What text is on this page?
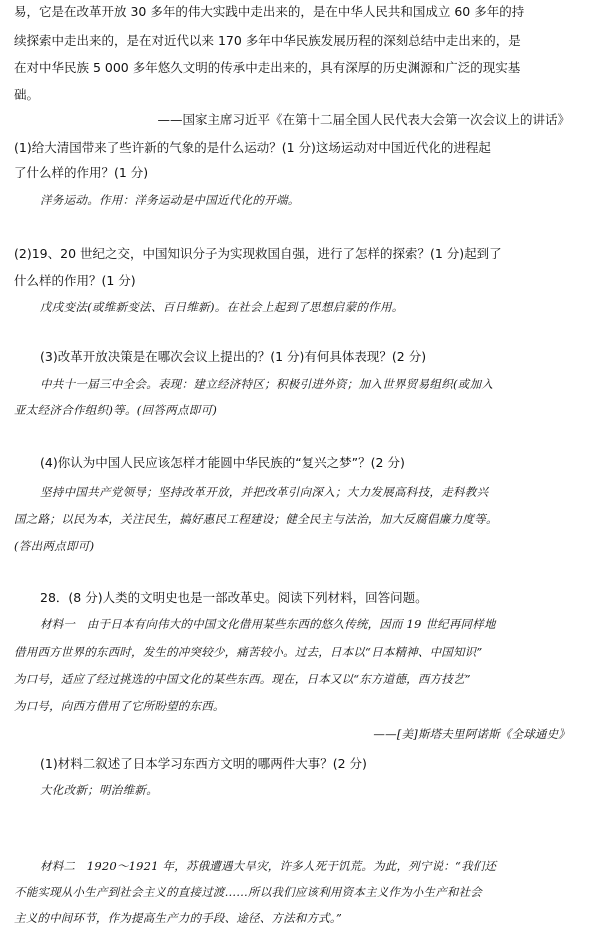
易，它是在改革开放 30 多年的伟大实践中走出来的，是在中华人民共和国成立 60 多年的持
续探索中走出来的，是在对近代以来 170 多年中华民族发展历程的深刻总结中走出来的，是
在对中华民族 5 000 多年悠久文明的传承中走出来的，具有深厚的历史渊源和广泛的现实基
础。
——国家主席习近平《在第十二届全国人民代表大会第一次会议上的讲话》
(1)给大清国带来了些许新的气象的是什么运动？(1 分)这场运动对中国近代化的进程起
了什么样的作用？(1 分)
洋务运动。作用：洋务运动是中国近代化的开端。
(2)19、20 世纪之交，中国知识分子为实现救国自强，进行了怎样的探索？(1 分)起到了
什么样的作用？(1 分)
戊戌变法(或维新变法、百日维新)。在社会上起到了思想启蒙的作用。
(3)改革开放决策是在哪次会议上提出的？(1 分)有何具体表现？(2 分)
中共十一届三中全会。表现：建立经济特区；积极引进外资；加入世界贸易组织(或加入
亚太经济合作组织)等。(回答两点即可)
(4)你认为中国人民应该怎样才能圆中华民族的“复兴之梦”？(2 分)
坚持中国共产党领导；坚持改革开放，并把改革引向深入；大力发展高科技，走科教兴
国之路；以民为本，关注民生，搞好惠民工程建设；健全民主与法治，加大反腐倡廉力度等。
(答出两点即可)
28．(8 分)人类的文明史也是一部改革史。阅读下列材料，回答问题。
材料一　由于日本有向伟大的中国文化借用某些东西的悠久传统，因而 19 世纪再同样地
借用西方世界的东西时，发生的冲突较少，痛苦较小。过去，日本以“日本精神、中国知识”
为口号，适应了经过挑选的中国文化的某些东西。现在，日本又以“东方道德，西方技艺”
为口号，向西方借用了它所盼望的东西。
——[美]斯塔夫里阿诺斯《全球通史》
(1)材料二叙述了日本学习东西方文明的哪两件大事？(2 分)
大化改新；明治维新。
材料二　1920～1921 年，苏俄遭遇大旱灾，许多人死于饥荒。为此，列宁说：“我们还
不能实现从小生产到社会主义的直接过渡……所以我们应该利用资本主义作为小生产和社会
主义的中间环节，作为提高生产力的手段、途径、方法和方式。”
